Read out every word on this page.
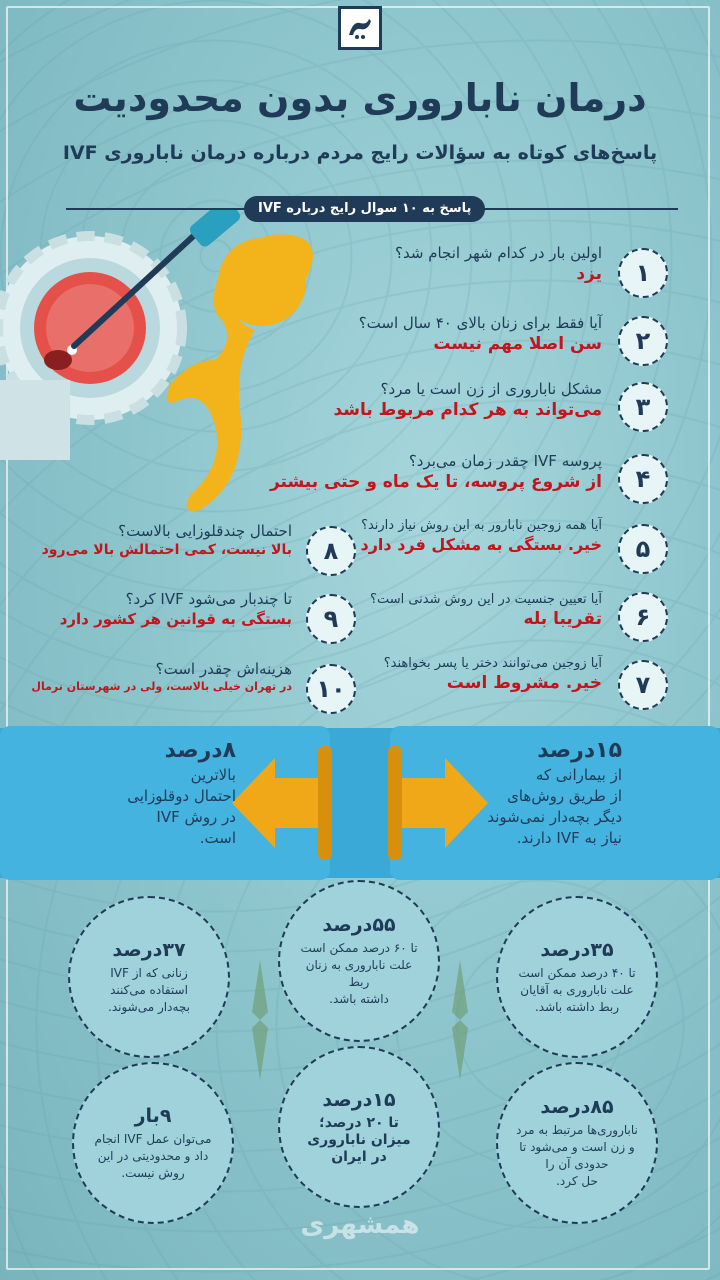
درمان ناباروری بدون محدودیت
پاسخ‌های کوتاه به سؤالات رایج مردم درباره درمان ناباروری IVF
پاسخ به ۱۰ سوال رایج درباره IVF
۱
اولین بار در کدام شهر انجام شد؟
یزد
۲
آیا فقط برای زنان بالای ۴۰ سال است؟
سن اصلا مهم نیست
۳
مشکل ناباروری از زن است یا مرد؟
می‌تواند به هر کدام مربوط باشد
۴
پروسه IVF چقدر زمان می‌برد؟
از شروع پروسه، تا یک ماه و حتی بیشتر
۵
آیا همه زوجین نابارور به این روش نیاز دارند؟
خیر. بستگی به مشکل فرد دارد
۶
آیا تعیین جنسیت در این روش شدنی است؟
تقریبا بله
۷
آیا زوجین می‌توانند دختر یا پسر بخواهند؟
خیر. مشروط است
۸
احتمال چندقلوزایی بالاست؟
بالا نیست، کمی احتمالش بالا می‌رود
۹
تا چندبار می‌شود IVF کرد؟
بستگی به قوانین هر کشور دارد
۱۰
هزینه‌اش چقدر است؟
در تهران خیلی بالاست، ولی در شهرستان نرمال
۱۵درصد
از بیمارانی که
از طریق روش‌های
دیگر بچه‌دار نمی‌شوند
نیاز به IVF دارند.
۸درصد
بالاترین
احتمال دوقلوزایی
در روش IVF
است.
۳۵درصد
تا ۴۰ درصد ممکن است
علت ناباروری به آقایان
ربط داشته باشد.
۵۵درصد
تا ۶۰ درصد ممکن است
علت ناباروری به زنان ربط
داشته باشد.
۳۷درصد
زنانی که از IVF
استفاده می‌کنند
بچه‌دار می‌شوند.
۸۵درصد
ناباروری‌ها مرتبط به مرد
و زن است و می‌شود تا
حدودی آن را
حل کرد.
۱۵درصد
تا ۲۰ درصد؛
میزان ناباروری
در ایران
۹بار
می‌توان عمل IVF انجام
داد و محدودیتی در این
روش نیست.
همشهری
